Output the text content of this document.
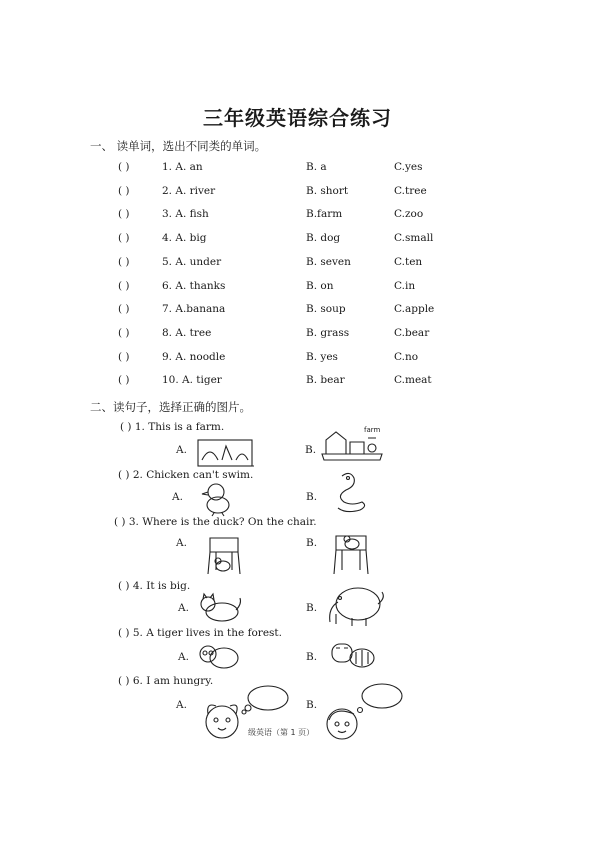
三年级英语综合练习
一、 读单词，选出不同类的单词。
( )	1. A. an	B. a	C.yes
( )	2. A. river	B. short	C.tree
( )	3. A. fish	B.farm	C.zoo
( )	4. A. big	B. dog	C.small
( )	5. A. under	B. seven	C.ten
( )	6. A. thanks	B. on	C.in
( )	7. A.banana	B. soup	C.apple
( )	8. A. tree	B. grass	C.bear
( )	9. A. noodle	B. yes	C.no
( )	10. A. tiger	B. bear	C.meat
二、读句子，选择正确的图片。
( ) 1. This is a farm.
A.	B.
farm
( ) 2. Chicken can't swim.
A.	B.
( ) 3. Where is the duck? On the chair.
A.	B.
( ) 4. It is big.
A.	B.
( ) 5. A tiger lives in the forest.
A.	B.
( ) 6. I am hungry.
A.	B.
级英语（第 1 页）
